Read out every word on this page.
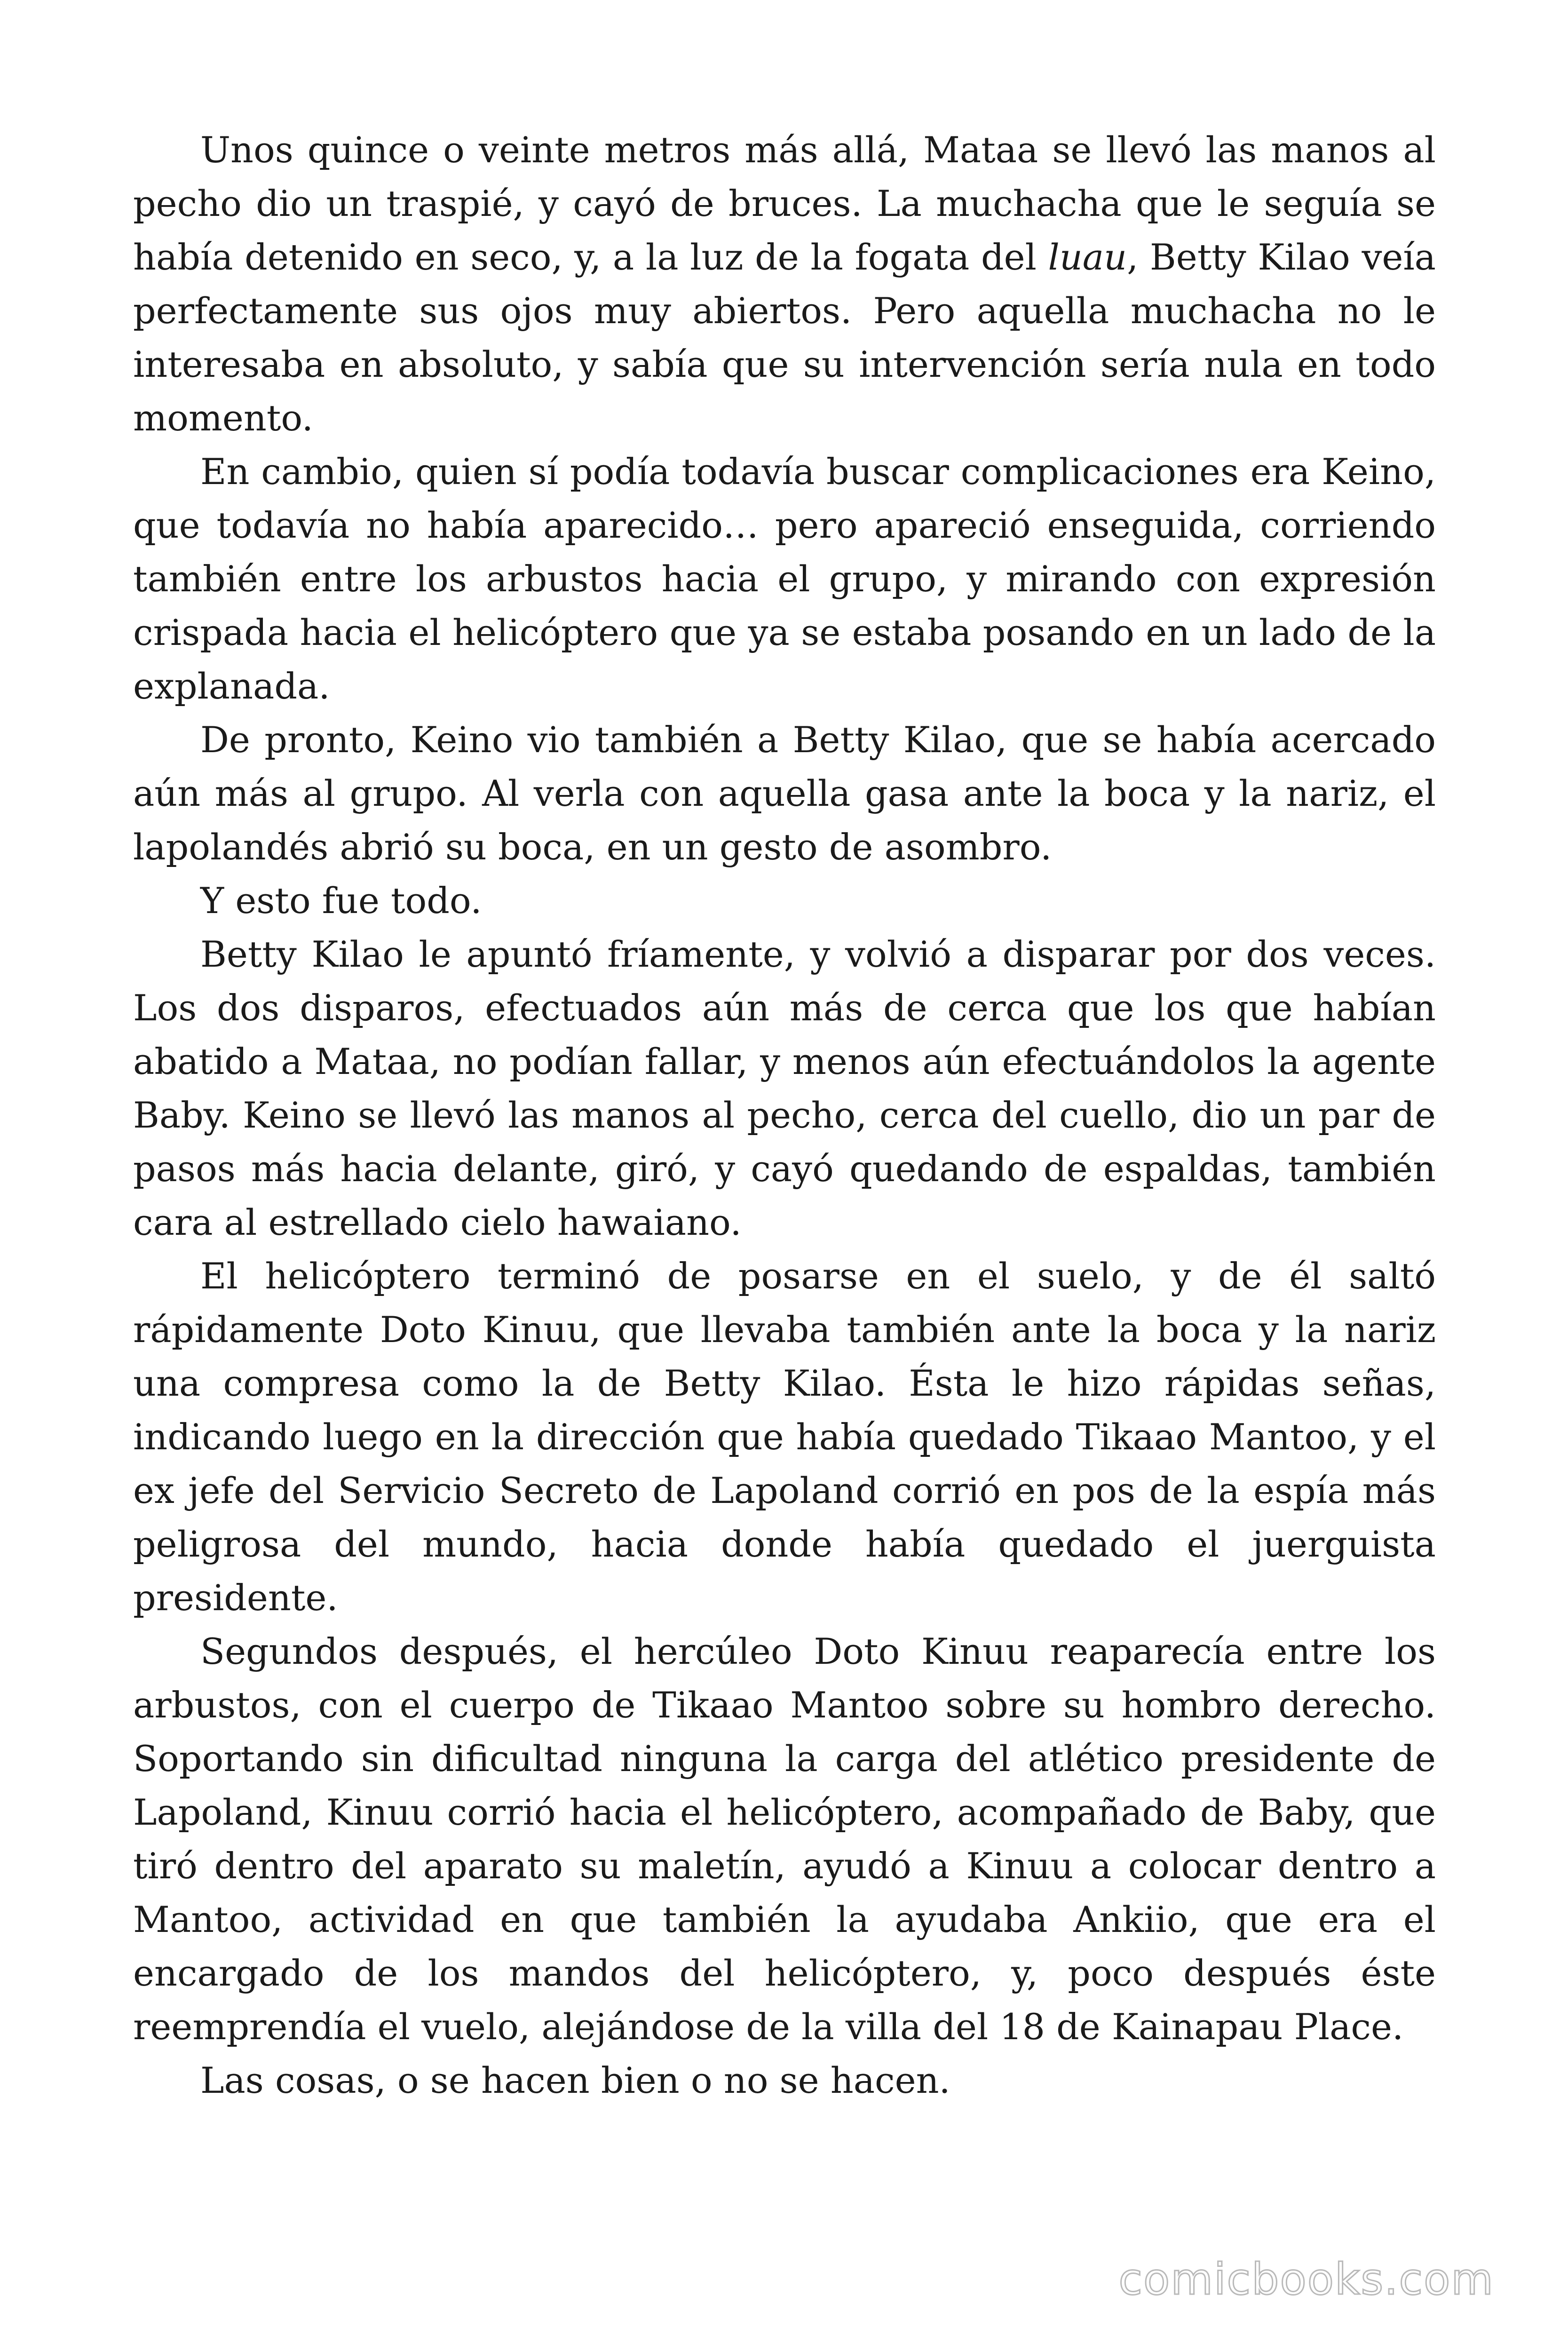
Unos quince o veinte metros más allá, Mataa se llevó las manos al pecho dio un traspié, y cayó de bruces. La muchacha que le seguía se había detenido en seco, y, a la luz de la fogata del luau, Betty Kilao veía perfectamente sus ojos muy abiertos. Pero aquella muchacha no le interesaba en absoluto, y sabía que su intervención sería nula en todo momento.

En cambio, quien sí podía todavía buscar complicaciones era Keino, que todavía no había aparecido… pero apareció enseguida, corriendo también entre los arbustos hacia el grupo, y mirando con expresión crispada hacia el helicóptero que ya se estaba posando en un lado de la explanada.

De pronto, Keino vio también a Betty Kilao, que se había acercado aún más al grupo. Al verla con aquella gasa ante la boca y la nariz, el lapolandés abrió su boca, en un gesto de asombro.

Y esto fue todo.

Betty Kilao le apuntó fríamente, y volvió a disparar por dos veces. Los dos disparos, efectuados aún más de cerca que los que habían abatido a Mataa, no podían fallar, y menos aún efectuándolos la agente Baby. Keino se llevó las manos al pecho, cerca del cuello, dio un par de pasos más hacia delante, giró, y cayó quedando de espaldas, también cara al estrellado cielo hawaiano.

El helicóptero terminó de posarse en el suelo, y de él saltó rápidamente Doto Kinuu, que llevaba también ante la boca y la nariz una compresa como la de Betty Kilao. Ésta le hizo rápidas señas, indicando luego en la dirección que había quedado Tikaao Mantoo, y el ex jefe del Servicio Secreto de Lapoland corrió en pos de la espía más peligrosa del mundo, hacia donde había quedado el juerguista presidente.

Segundos después, el hercúleo Doto Kinuu reaparecía entre los arbustos, con el cuerpo de Tikaao Mantoo sobre su hombro derecho. Soportando sin dificultad ninguna la carga del atlético presidente de Lapoland, Kinuu corrió hacia el helicóptero, acompañado de Baby, que tiró dentro del aparato su maletín, ayudó a Kinuu a colocar dentro a Mantoo, actividad en que también la ayudaba Ankiio, que era el encargado de los mandos del helicóptero, y, poco después éste reemprendía el vuelo, alejándose de la villa del 18 de Kainapau Place.

Las cosas, o se hacen bien o no se hacen.

comicbooks.com
